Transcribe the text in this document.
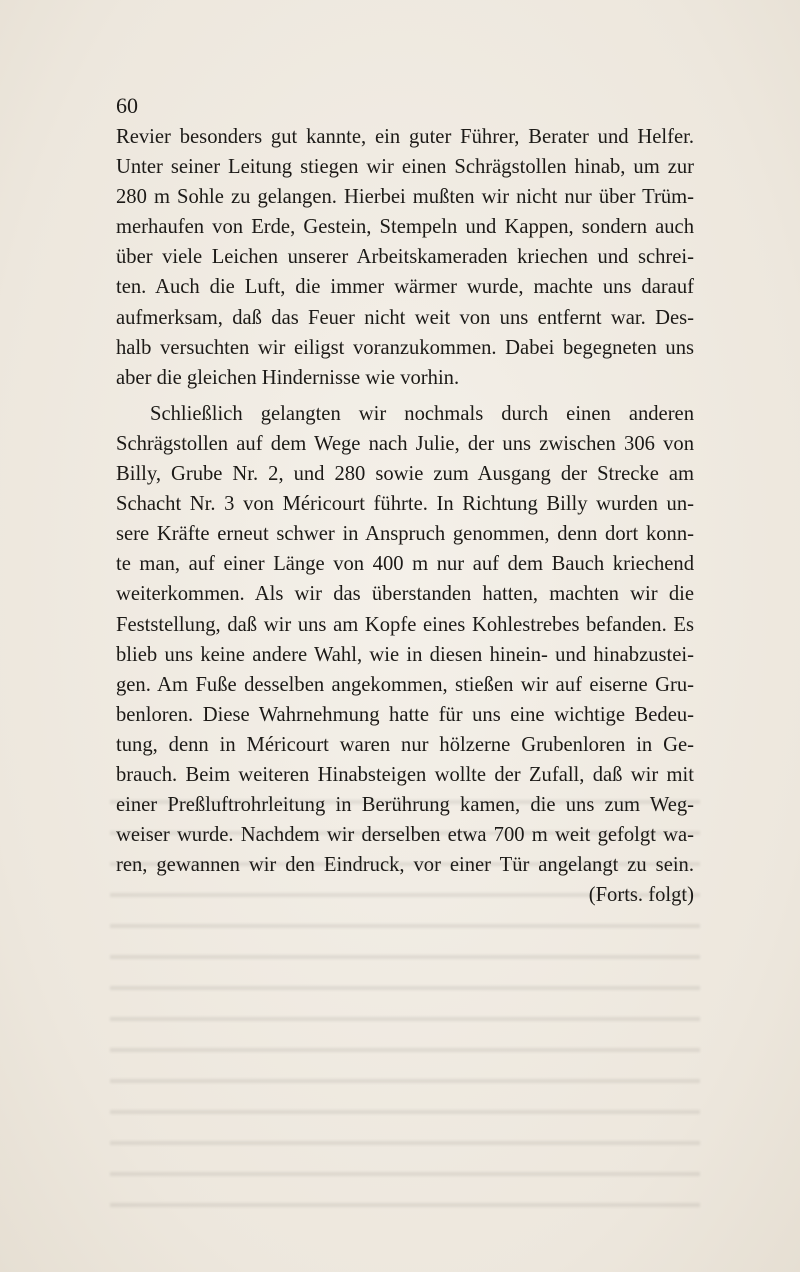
60
Revier besonders gut kannte, ein guter Führer, Berater und Helfer.
Unter seiner Leitung stiegen wir einen Schrägstollen hinab, um zur
280 m Sohle zu gelangen. Hierbei mußten wir nicht nur über Trüm-
merhaufen von Erde, Gestein, Stempeln und Kappen, sondern auch
über viele Leichen unserer Arbeitskameraden kriechen und schrei-
ten. Auch die Luft, die immer wärmer wurde, machte uns darauf
aufmerksam, daß das Feuer nicht weit von uns entfernt war. Des-
halb versuchten wir eiligst voranzukommen. Dabei begegneten uns
aber die gleichen Hindernisse wie vorhin.
Schließlich gelangten wir nochmals durch einen anderen
Schrägstollen auf dem Wege nach Julie, der uns zwischen 306 von
Billy, Grube Nr. 2, und 280 sowie zum Ausgang der Strecke am
Schacht Nr. 3 von Méricourt führte. In Richtung Billy wurden un-
sere Kräfte erneut schwer in Anspruch genommen, denn dort konn-
te man, auf einer Länge von 400 m nur auf dem Bauch kriechend
weiterkommen. Als wir das überstanden hatten, machten wir die
Feststellung, daß wir uns am Kopfe eines Kohlestrebes befanden. Es
blieb uns keine andere Wahl, wie in diesen hinein- und hinabzustei-
gen. Am Fuße desselben angekommen, stießen wir auf eiserne Gru-
benloren. Diese Wahrnehmung hatte für uns eine wichtige Bedeu-
tung, denn in Méricourt waren nur hölzerne Grubenloren in Ge-
brauch. Beim weiteren Hinabsteigen wollte der Zufall, daß wir mit
einer Preßluftrohrleitung in Berührung kamen, die uns zum Weg-
weiser wurde. Nachdem wir derselben etwa 700 m weit gefolgt wa-
ren, gewannen wir den Eindruck, vor einer Tür angelangt zu sein.
(Forts. folgt)
